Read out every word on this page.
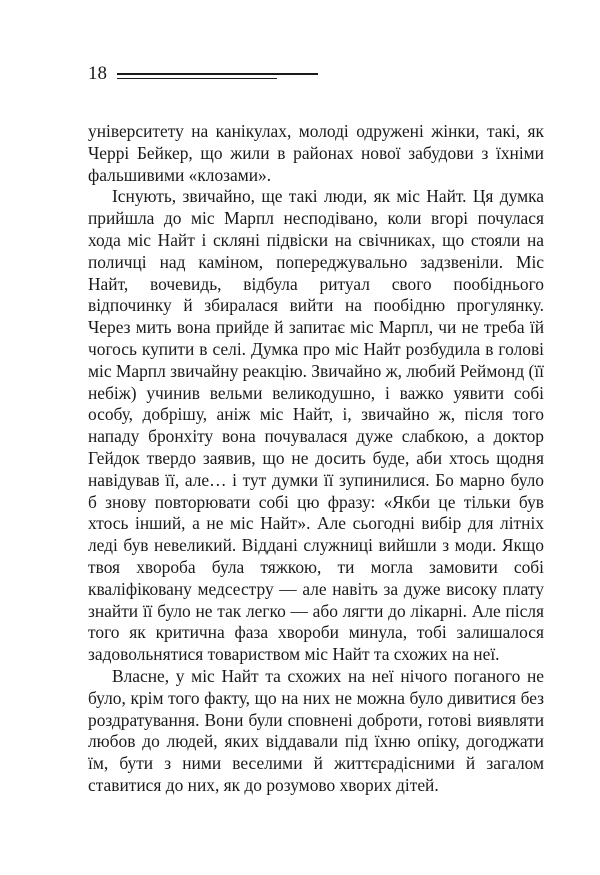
18

університету на канікулах, молоді одружені жінки, такі, як Черрі Бейкер, що жили в районах нової забудови з їхніми фальшивими «клозами».

Існують, звичайно, ще такі люди, як міс Найт. Ця думка прийшла до міс Марпл несподівано, коли вгорі почулася хода міс Найт і скляні підвіски на свічниках, що стояли на поличці над каміном, попереджувально задзвеніли. Міс Найт, вочевидь, відбула ритуал свого пообіднього відпочинку й збиралася вийти на пообідню прогулянку. Через мить вона прийде й запитає міс Марпл, чи не треба їй чогось купити в селі. Думка про міс Найт розбудила в голові міс Марпл звичайну реакцію. Звичайно ж, любий Реймонд (її небіж) учинив вельми великодушно, і важко уявити собі особу, добрішу, аніж міс Найт, і, звичайно ж, після того нападу бронхіту вона почувалася дуже слабкою, а доктор Гейдок твердо заявив, що не досить буде, аби хтось щодня навідував її, але… і тут думки її зупинилися. Бо марно було б знову повторювати собі цю фразу: «Якби це тільки був хтось інший, а не міс Найт». Але сьогодні вибір для літніх леді був невеликий. Віддані служниці вийшли з моди. Якщо твоя хвороба була тяжкою, ти могла замовити собі кваліфіковану медсестру — але навіть за дуже високу плату знайти її було не так легко — або лягти до лікарні. Але після того як критична фаза хвороби минула, тобі залишалося задовольнятися товариством міс Найт та схожих на неї.

Власне, у міс Найт та схожих на неї нічого поганого не було, крім того факту, що на них не можна було дивитися без роздратування. Вони були сповнені доброти, готові виявляти любов до людей, яких віддавали під їхню опіку, догоджати їм, бути з ними веселими й життєрадісними й загалом ставитися до них, як до розумово хворих дітей.
